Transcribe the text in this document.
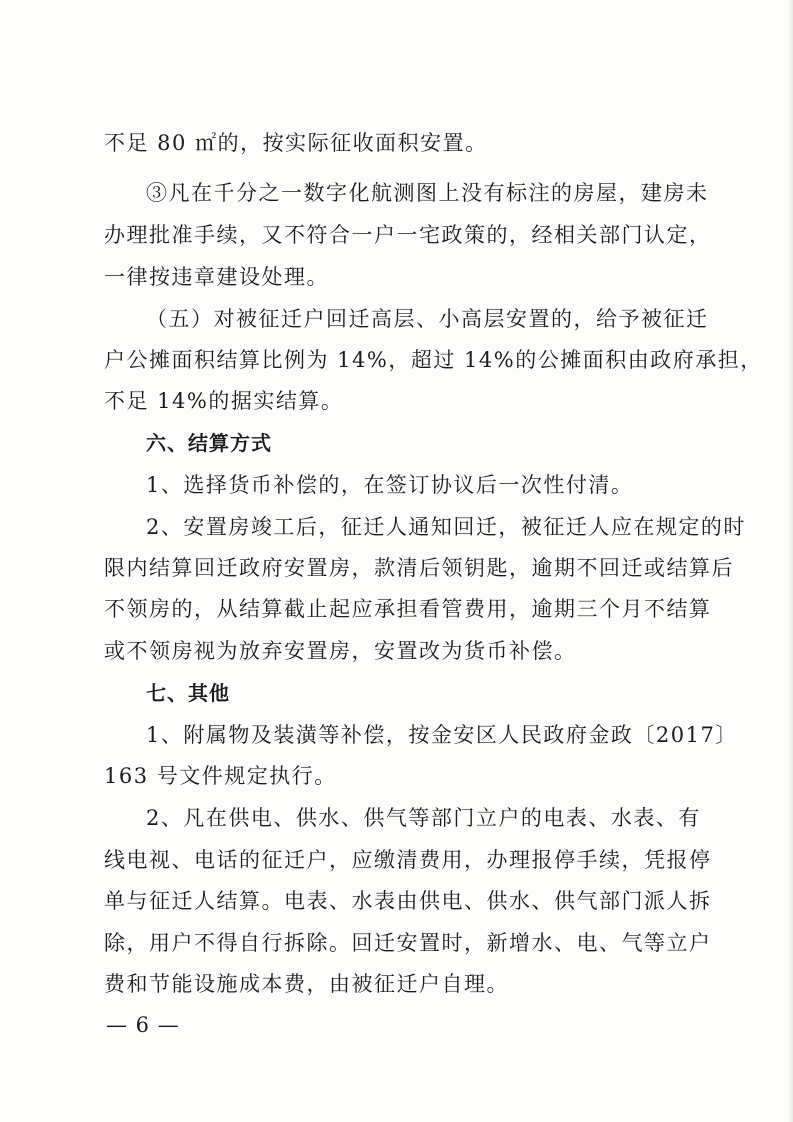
不足 80 ㎡的，按实际征收面积安置。
③凡在千分之一数字化航测图上没有标注的房屋，建房未
办理批准手续，又不符合一户一宅政策的，经相关部门认定，
一律按违章建设处理。
（五）对被征迁户回迁高层、小高层安置的，给予被征迁
户公摊面积结算比例为 14%，超过 14%的公摊面积由政府承担，
不足 14%的据实结算。
六、结算方式
1、选择货币补偿的，在签订协议后一次性付清。
2、安置房竣工后，征迁人通知回迁，被征迁人应在规定的时
限内结算回迁政府安置房，款清后领钥匙，逾期不回迁或结算后
不领房的，从结算截止起应承担看管费用，逾期三个月不结算
或不领房视为放弃安置房，安置改为货币补偿。
七、其他
1、附属物及装潢等补偿，按金安区人民政府金政〔2017〕
163 号文件规定执行。
2、凡在供电、供水、供气等部门立户的电表、水表、有
线电视、电话的征迁户，应缴清费用，办理报停手续，凭报停
单与征迁人结算。电表、水表由供电、供水、供气部门派人拆
除，用户不得自行拆除。回迁安置时，新增水、电、气等立户
费和节能设施成本费，由被征迁户自理。
— 6 —
